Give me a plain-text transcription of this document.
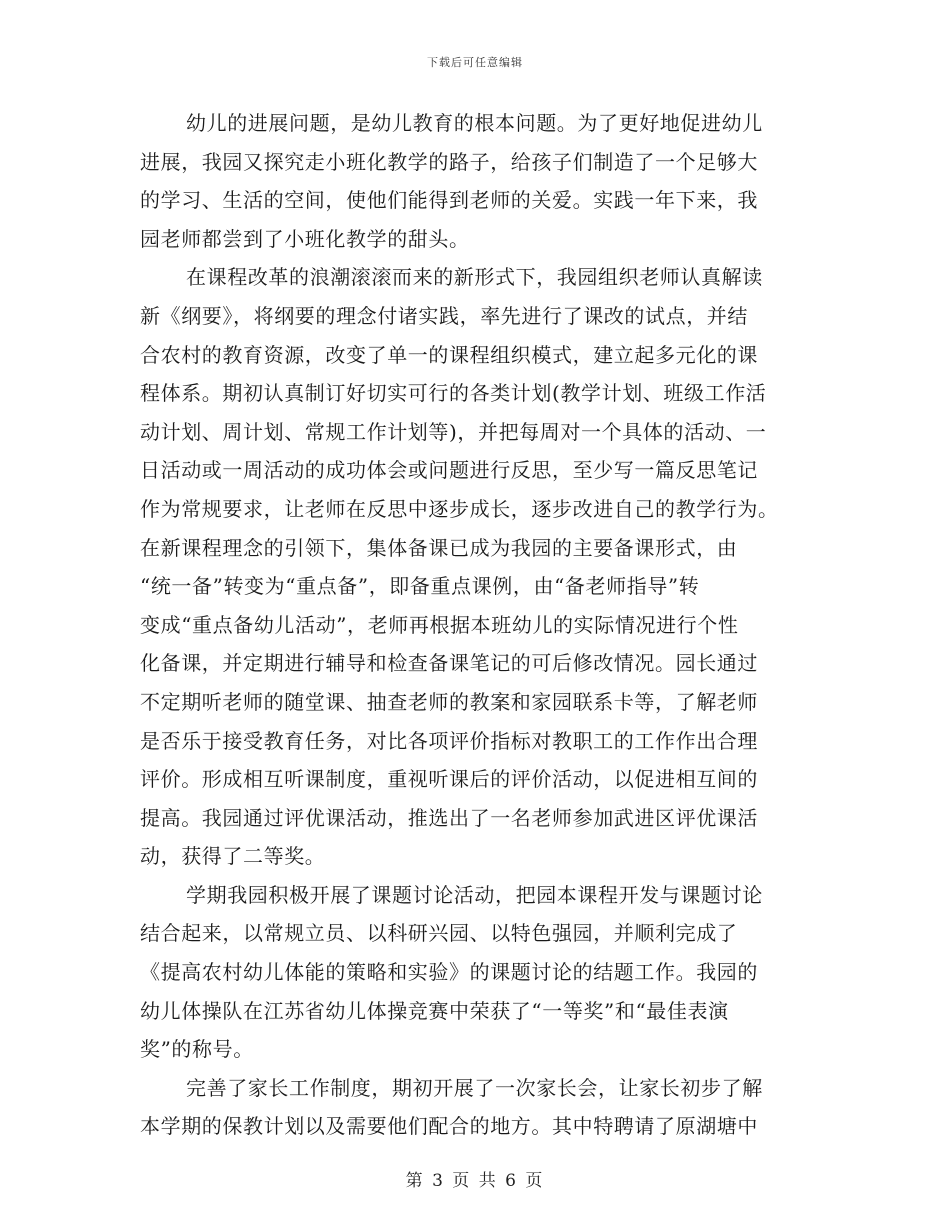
下载后可任意编辑
幼儿的进展问题，是幼儿教育的根本问题。为了更好地促进幼儿
进展，我园又探究走小班化教学的路子，给孩子们制造了一个足够大
的学习、生活的空间，使他们能得到老师的关爱。实践一年下来，我
园老师都尝到了小班化教学的甜头。
在课程改革的浪潮滚滚而来的新形式下，我园组织老师认真解读
新《纲要》，将纲要的理念付诸实践，率先进行了课改的试点，并结
合农村的教育资源，改变了单一的课程组织模式，建立起多元化的课
程体系。期初认真制订好切实可行的各类计划(教学计划、班级工作活
动计划、周计划、常规工作计划等)，并把每周对一个具体的活动、一
日活动或一周活动的成功体会或问题进行反思，至少写一篇反思笔记
作为常规要求，让老师在反思中逐步成长，逐步改进自己的教学行为。
在新课程理念的引领下，集体备课已成为我园的主要备课形式，由
“统一备”转变为“重点备”，即备重点课例，由“备老师指导”转
变成“重点备幼儿活动”，老师再根据本班幼儿的实际情况进行个性
化备课，并定期进行辅导和检查备课笔记的可后修改情况。园长通过
不定期听老师的随堂课、抽查老师的教案和家园联系卡等，了解老师
是否乐于接受教育任务，对比各项评价指标对教职工的工作作出合理
评价。形成相互听课制度，重视听课后的评价活动，以促进相互间的
提高。我园通过评优课活动，推选出了一名老师参加武进区评优课活
动，获得了二等奖。
学期我园积极开展了课题讨论活动，把园本课程开发与课题讨论
结合起来，以常规立员、以科研兴园、以特色强园，并顺利完成了
《提高农村幼儿体能的策略和实验》的课题讨论的结题工作。我园的
幼儿体操队在江苏省幼儿体操竞赛中荣获了“一等奖”和“最佳表演
奖”的称号。
完善了家长工作制度，期初开展了一次家长会，让家长初步了解
本学期的保教计划以及需要他们配合的地方。其中特聘请了原湖塘中
第 3 页 共 6 页
